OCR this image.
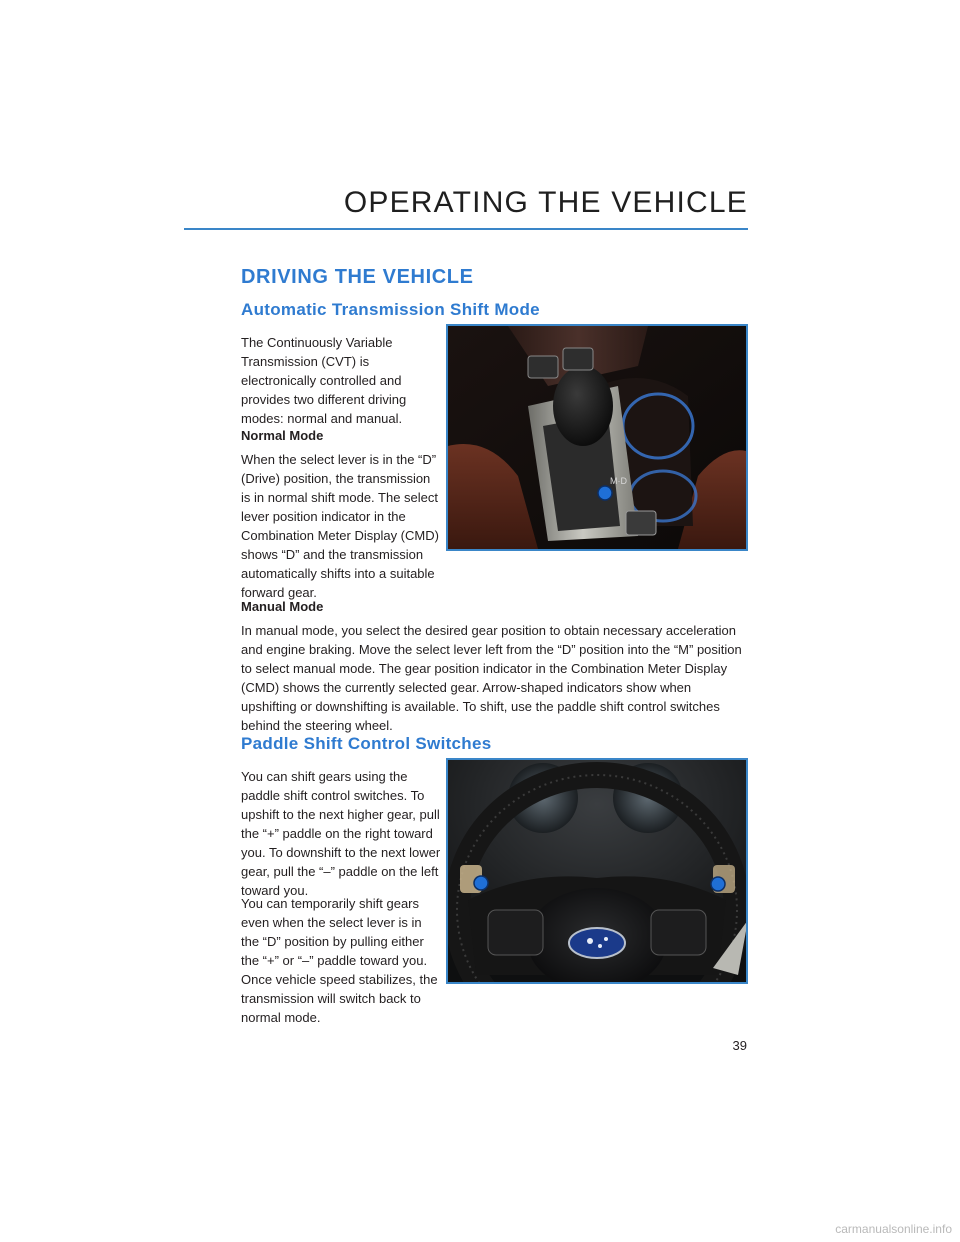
OPERATING THE VEHICLE
DRIVING THE VEHICLE
Automatic Transmission Shift Mode

The Continuously Variable Transmission (CVT) is electronically controlled and provides two different driving modes: normal and manual.

Normal Mode

When the select lever is in the “D” (Drive) position, the transmission is in normal shift mode. The select lever position indicator in the Combination Meter Display (CMD) shows “D” and the transmission automatically shifts into a suitable forward gear.

Manual Mode

In manual mode, you select the desired gear position to obtain necessary acceleration and engine braking. Move the select lever left from the “D” position into the “M” position to select manual mode. The gear position indicator in the Combination Meter Display (CMD) shows the currently selected gear. Arrow-shaped indicators show when upshifting or downshifting is available. To shift, use the paddle shift control switches behind the steering wheel.

M·D
Paddle Shift Control Switches

You can shift gears using the paddle shift control switches. To upshift to the next higher gear, pull the “+” paddle on the right toward you. To downshift to the next lower gear, pull the “–” paddle on the left toward you.

You can temporarily shift gears even when the select lever is in the “D” position by pulling either the “+” or “–” paddle toward you. Once vehicle speed stabilizes, the transmission will switch back to normal mode.

39

carmanualsonline.info
